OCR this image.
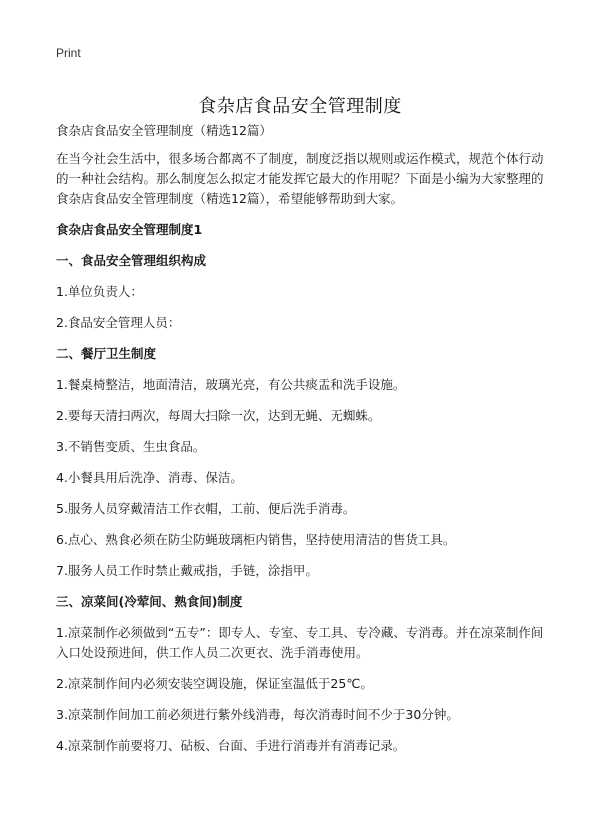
Print
食杂店食品安全管理制度

食杂店食品安全管理制度（精选12篇）

在当今社会生活中，很多场合都离不了制度，制度泛指以规则或运作模式，规范个体行动的一种社会结构。那么制度怎么拟定才能发挥它最大的作用呢？下面是小编为大家整理的食杂店食品安全管理制度（精选12篇），希望能够帮助到大家。

食杂店食品安全管理制度1

一、食品安全管理组织构成

1.单位负责人：

2.食品安全管理人员：

二、餐厅卫生制度

1.餐桌椅整洁，地面清洁，玻璃光亮，有公共痰盂和洗手设施。

2.要每天清扫两次，每周大扫除一次，达到无蝇、无蜘蛛。

3.不销售变质、生虫食品。

4.小餐具用后洗净、消毒、保洁。

5.服务人员穿戴清洁工作衣帽，工前、便后洗手消毒。

6.点心、熟食必须在防尘防蝇玻璃柜内销售，坚持使用清洁的售货工具。

7.服务人员工作时禁止戴戒指，手链，涂指甲。

三、凉菜间(冷荤间、熟食间)制度

1.凉菜制作必须做到“五专”：即专人、专室、专工具、专冷藏、专消毒。并在凉菜制作间入口处设预进间，供工作人员二次更衣、洗手消毒使用。

2.凉菜制作间内必须安装空调设施，保证室温低于25℃。

3.凉菜制作间加工前必须进行紫外线消毒，每次消毒时间不少于30分钟。

4.凉菜制作前要将刀、砧板、台面、手进行消毒并有消毒记录。
